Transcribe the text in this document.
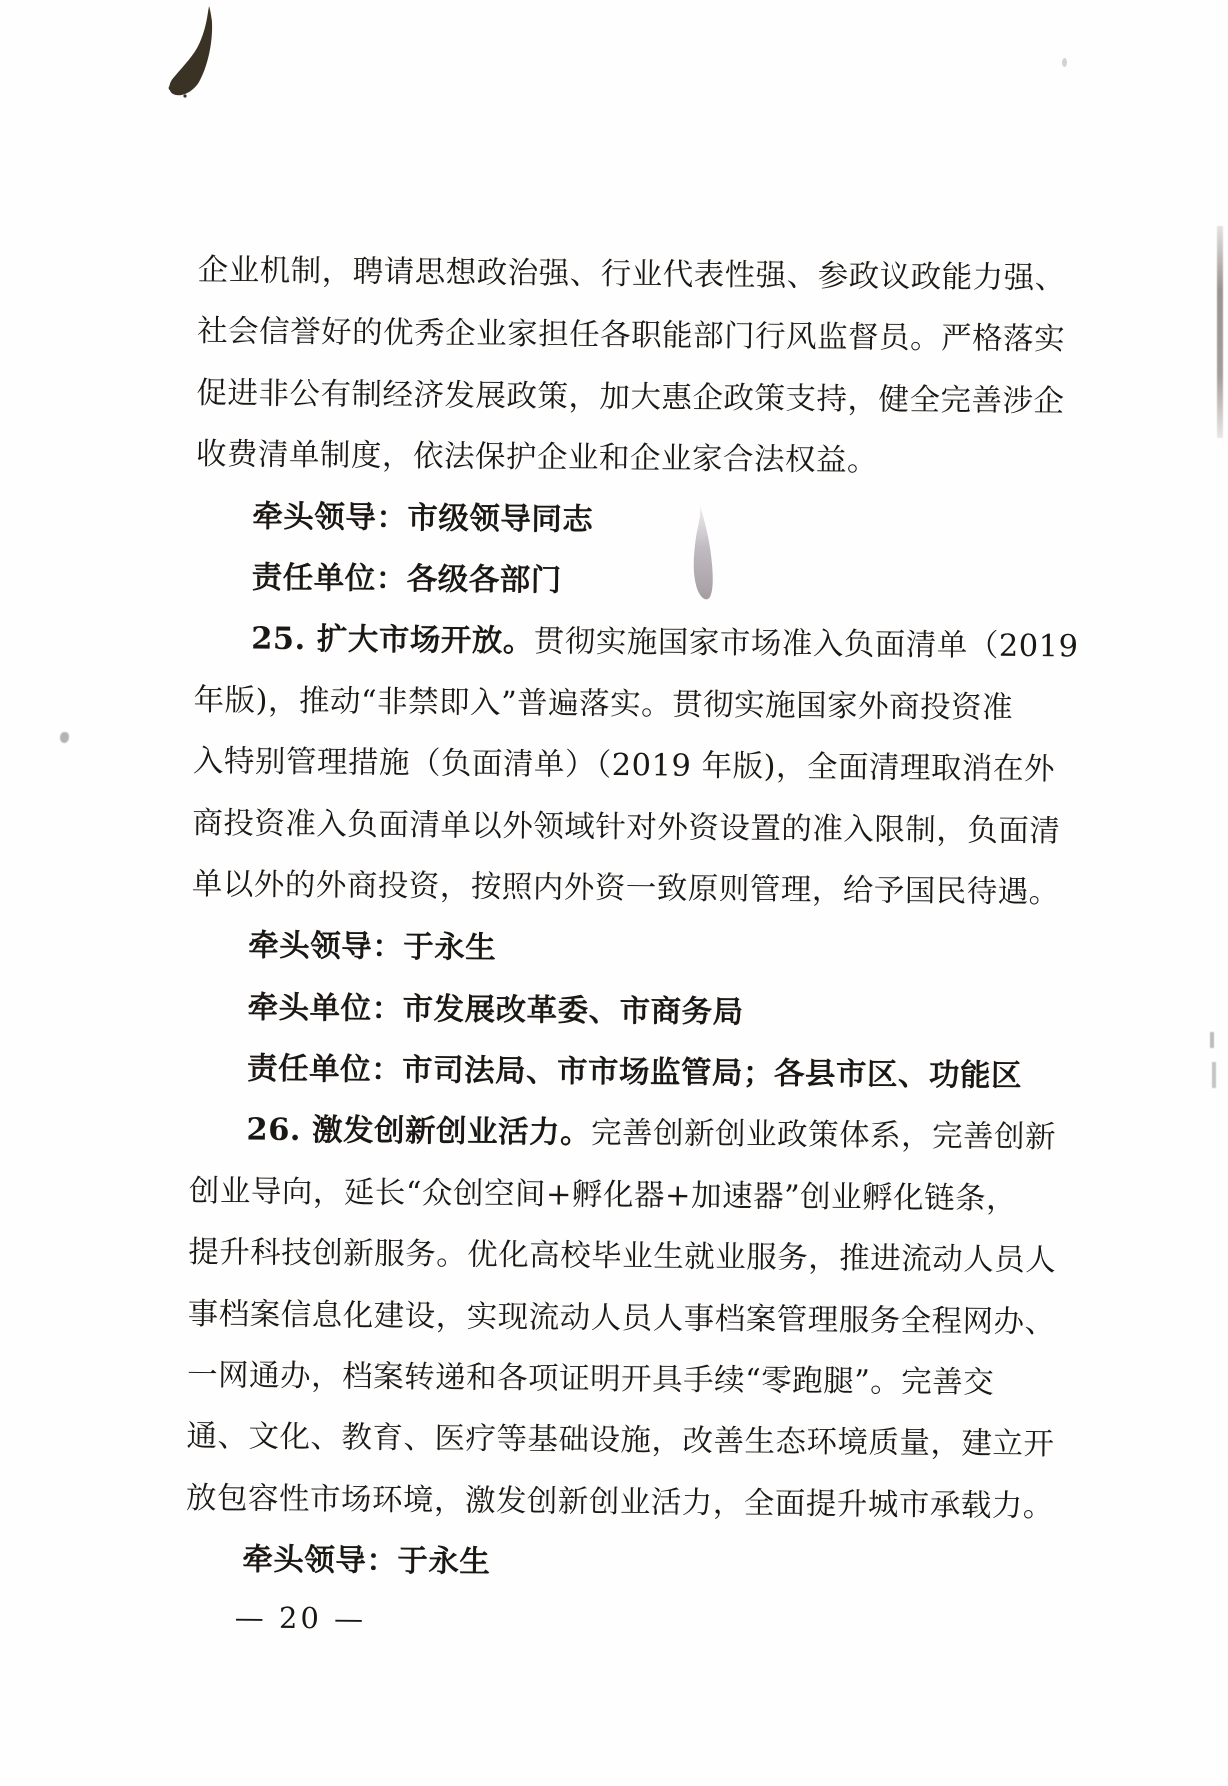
企业机制，聘请思想政治强、行业代表性强、参政议政能力强、
社会信誉好的优秀企业家担任各职能部门行风监督员。严格落实
促进非公有制经济发展政策，加大惠企政策支持，健全完善涉企
收费清单制度，依法保护企业和企业家合法权益。
牵头领导：市级领导同志
责任单位：各级各部门
25. 扩大市场开放。贯彻实施国家市场准入负面清单（2019
年版)，推动“非禁即入”普遍落实。贯彻实施国家外商投资准
入特别管理措施（负面清单）（2019 年版)，全面清理取消在外
商投资准入负面清单以外领域针对外资设置的准入限制，负面清
单以外的外商投资，按照内外资一致原则管理，给予国民待遇。
牵头领导：于永生
牵头单位：市发展改革委、市商务局
责任单位：市司法局、市市场监管局；各县市区、功能区
26. 激发创新创业活力。完善创新创业政策体系，完善创新
创业导向，延长“众创空间+孵化器+加速器”创业孵化链条，
提升科技创新服务。优化高校毕业生就业服务，推进流动人员人
事档案信息化建设，实现流动人员人事档案管理服务全程网办、
一网通办，档案转递和各项证明开具手续“零跑腿”。完善交
通、文化、教育、医疗等基础设施，改善生态环境质量，建立开
放包容性市场环境，激发创新创业活力，全面提升城市承载力。
牵头领导：于永生
— 20 —
